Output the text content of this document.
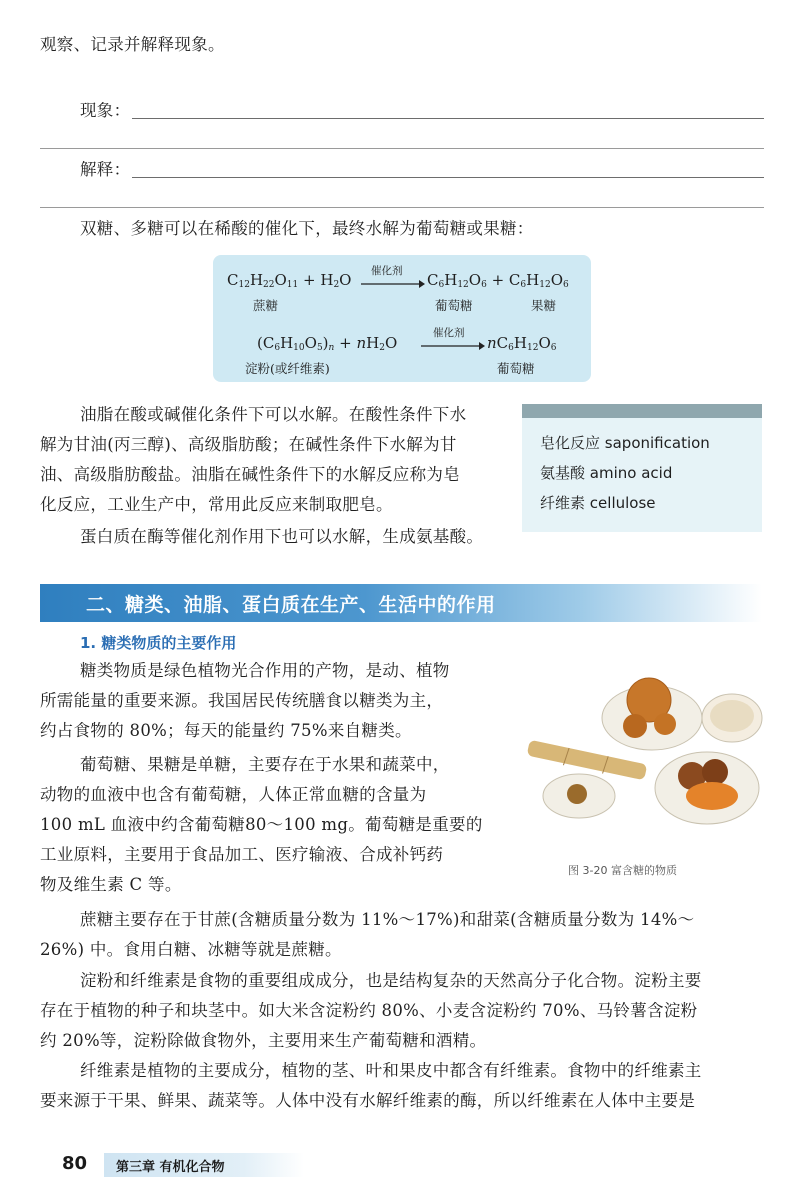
观察、记录并解释现象。
现象：
解释：
双糖、多糖可以在稀酸的催化下，最终水解为葡萄糖或果糖：
$C_{12}H_{22}O_{11} + H_2O$ 催化剂 → $C_6H_{12}O_6 + C_6H_{12}O_6$
蔗糖	葡萄糖	果糖
$(C_6H_{10}O_5)_n + nH_2O$
催化剂
→ $nC_6H_{12}O_6$
淀粉(或纤维素)	葡萄糖
油脂在酸或碱催化条件下可以水解。在酸性条件下水
解为甘油(丙三醇)、高级脂肪酸；在碱性条件下水解为甘
油、高级脂肪酸盐。油脂在碱性条件下的水解反应称为皂
化反应，工业生产中，常用此反应来制取肥皂。
蛋白质在酶等催化剂作用下也可以水解，生成氨基酸。
皂化反应 saponification
氨基酸 amino acid
纤维素 cellulose
二、糖类、油脂、蛋白质在生产、生活中的作用
1. 糖类物质的主要作用
糖类物质是绿色植物光合作用的产物，是动、植物
所需能量的重要来源。我国居民传统膳食以糖类为主，
约占食物的 80%；每天的能量约 75%来自糖类。
葡萄糖、果糖是单糖，主要存在于水果和蔬菜中，
动物的血液中也含有葡萄糖，人体正常血糖的含量为
100 mL 血液中约含葡萄糖80～100 mg。葡萄糖是重要的
工业原料，主要用于食品加工、医疗输液、合成补钙药
物及维生素 C 等。
图 3-20 富含糖的物质
蔗糖主要存在于甘蔗(含糖质量分数为 11%～17%)和甜菜(含糖质量分数为 14%～
26%) 中。食用白糖、冰糖等就是蔗糖。
淀粉和纤维素是食物的重要组成成分，也是结构复杂的天然高分子化合物。淀粉主要
存在于植物的种子和块茎中。如大米含淀粉约 80%、小麦含淀粉约 70%、马铃薯含淀粉
约 20%等，淀粉除做食物外，主要用来生产葡萄糖和酒精。
纤维素是植物的主要成分，植物的茎、叶和果皮中都含有纤维素。食物中的纤维素主
要来源于干果、鲜果、蔬菜等。人体中没有水解纤维素的酶，所以纤维素在人体中主要是
80 第三章 有机化合物
